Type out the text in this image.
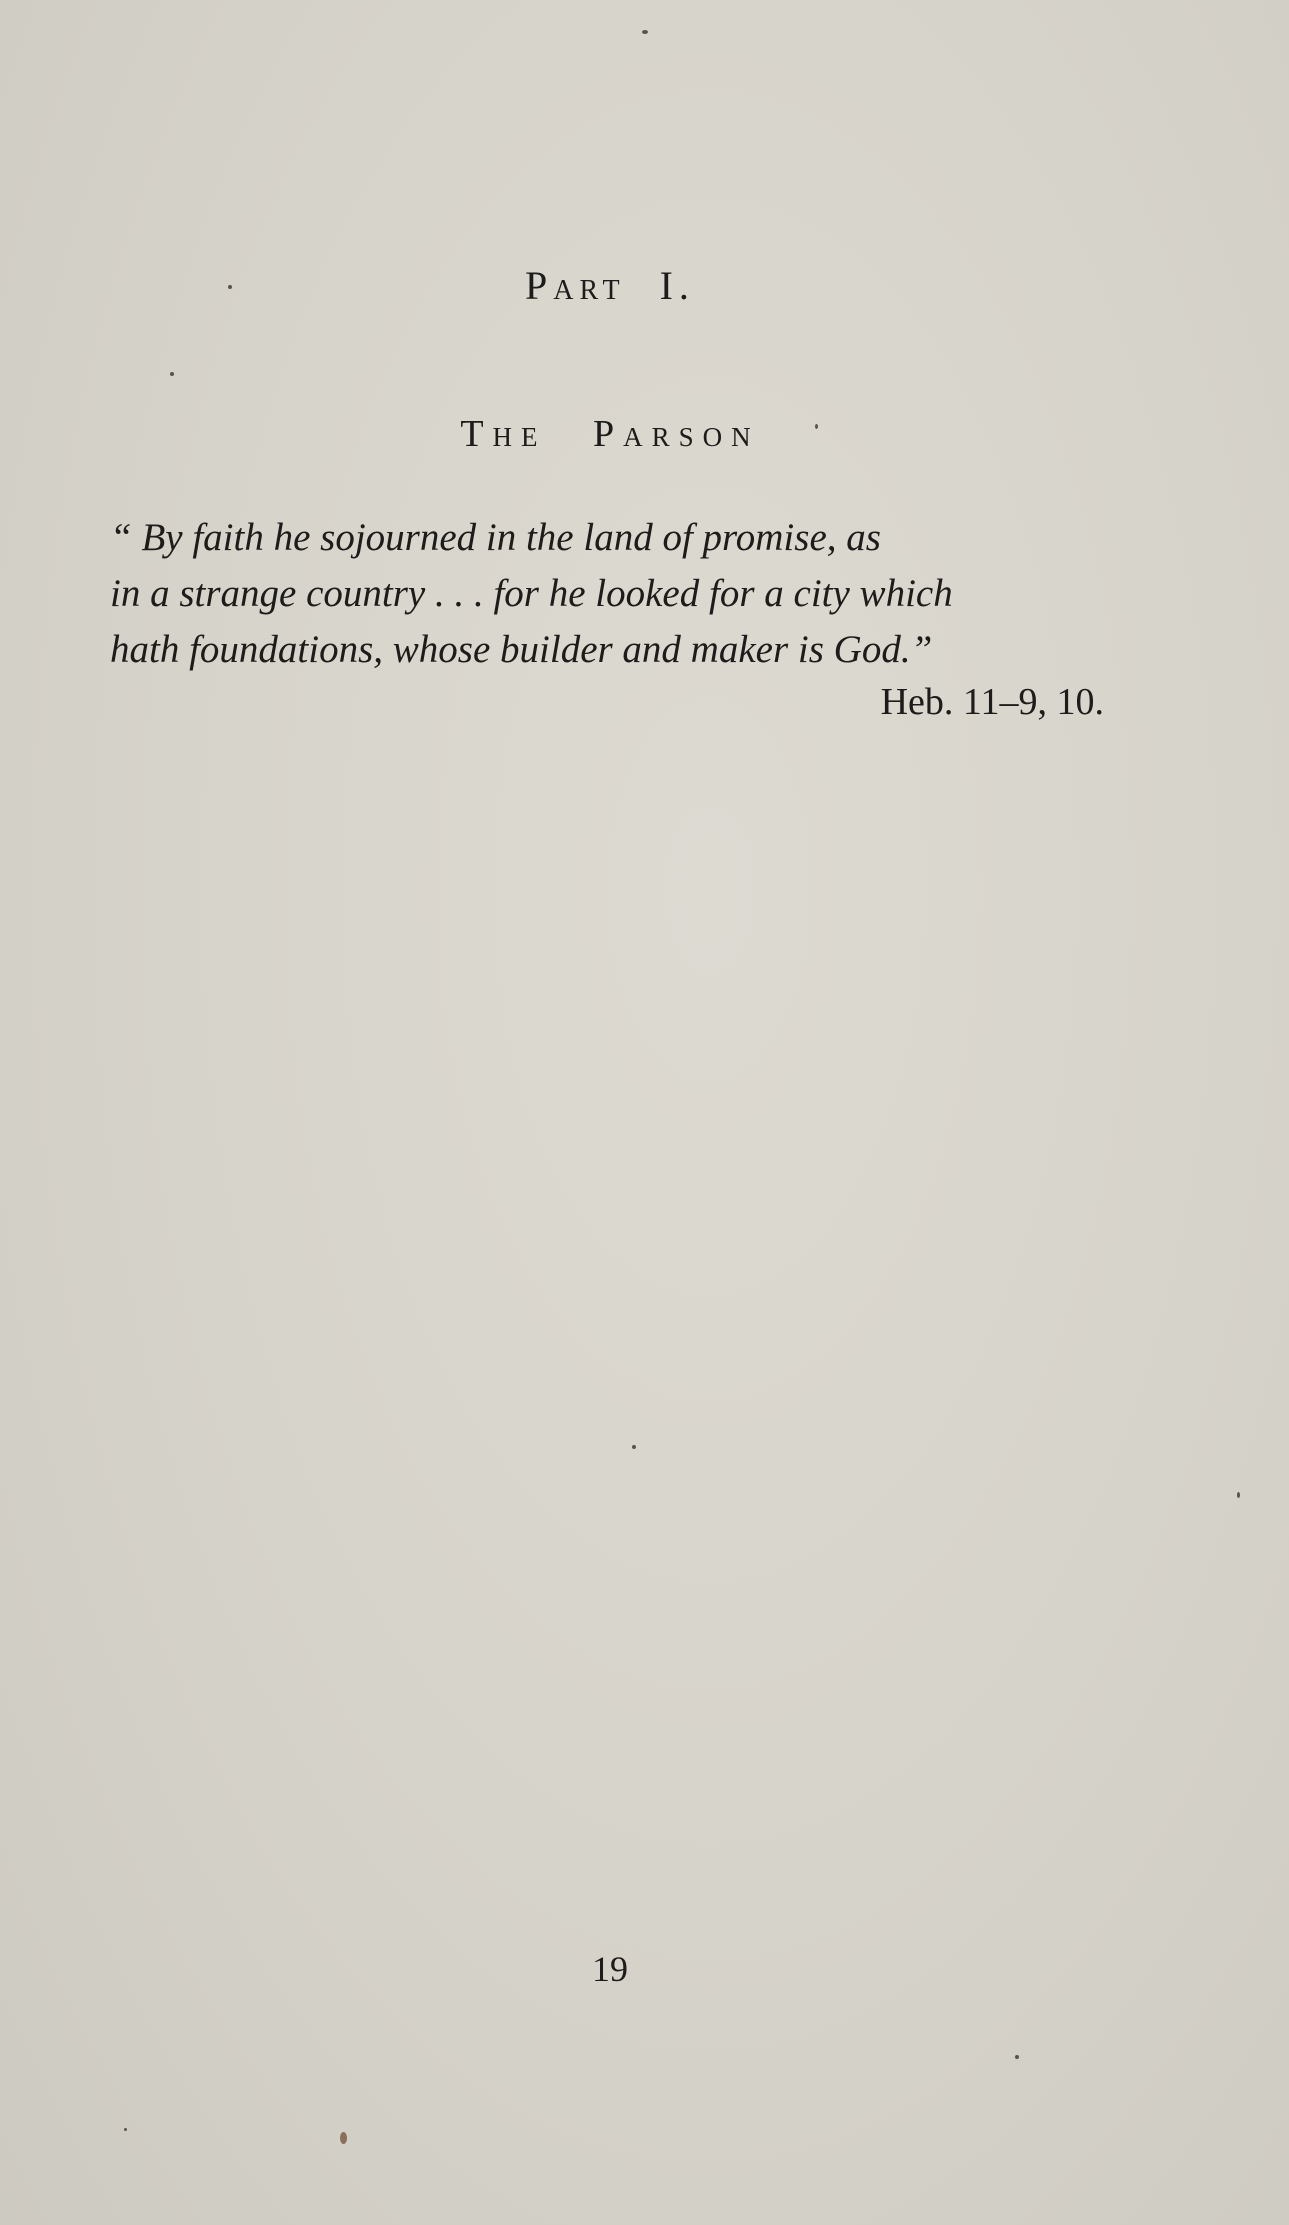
Part I.
The Parson
“ By faith he sojourned in the land of promise, as
in a strange country . . . for he looked for a city which
hath foundations, whose builder and maker is God.”
Heb. 11–9, 10.
19
